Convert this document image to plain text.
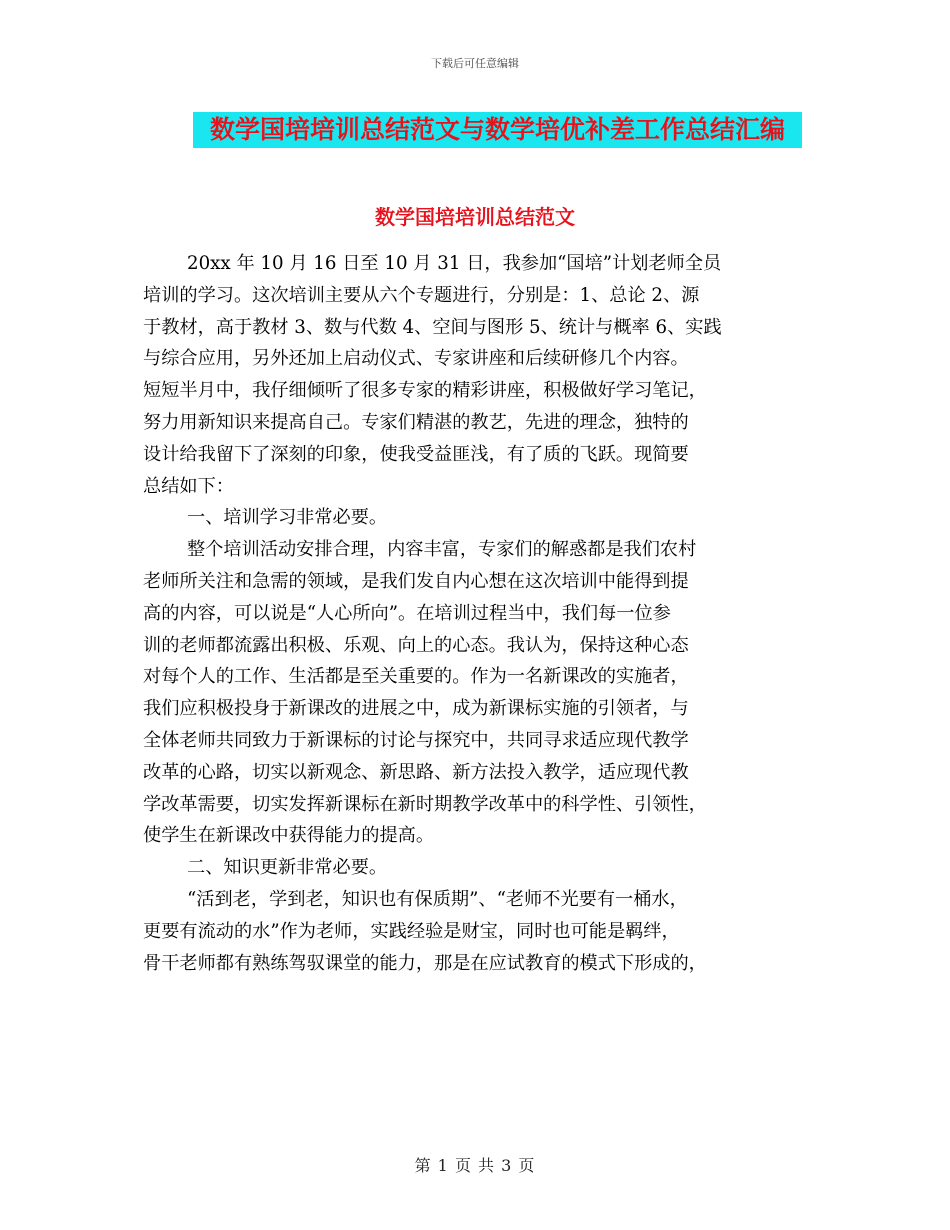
下载后可任意编辑
数学国培培训总结范文与数学培优补差工作总结汇编
数学国培培训总结范文
20xx 年 10 月 16 日至 10 月 31 日，我参加“国培”计划老师全员
培训的学习。这次培训主要从六个专题进行，分别是：1、总论 2、源
于教材，高于教材 3、数与代数 4、空间与图形 5、统计与概率 6、实践
与综合应用，另外还加上启动仪式、专家讲座和后续研修几个内容。
短短半月中，我仔细倾听了很多专家的精彩讲座，积极做好学习笔记，
努力用新知识来提高自己。专家们精湛的教艺，先进的理念，独特的
设计给我留下了深刻的印象，使我受益匪浅，有了质的飞跃。现简要
总结如下：
一、培训学习非常必要。
整个培训活动安排合理，内容丰富，专家们的解惑都是我们农村
老师所关注和急需的领域，是我们发自内心想在这次培训中能得到提
高的内容，可以说是“人心所向”。在培训过程当中，我们每一位参
训的老师都流露出积极、乐观、向上的心态。我认为，保持这种心态
对每个人的工作、生活都是至关重要的。作为一名新课改的实施者，
我们应积极投身于新课改的进展之中，成为新课标实施的引领者，与
全体老师共同致力于新课标的讨论与探究中，共同寻求适应现代教学
改革的心路，切实以新观念、新思路、新方法投入教学，适应现代教
学改革需要，切实发挥新课标在新时期教学改革中的科学性、引领性，
使学生在新课改中获得能力的提高。
二、知识更新非常必要。
“活到老，学到老，知识也有保质期”、“老师不光要有一桶水，
更要有流动的水”作为老师，实践经验是财宝，同时也可能是羁绊，
骨干老师都有熟练驾驭课堂的能力，那是在应试教育的模式下形成的，
第 1 页 共 3 页
